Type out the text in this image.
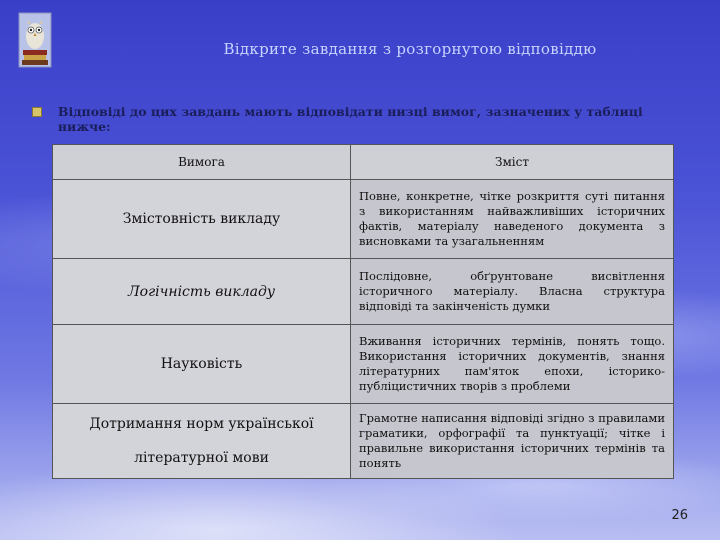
Відкрите завдання з розгорнутою відповіддю
Відповіді до цих завдань мають відповідати низці вимог, зазначених у таблиці нижче:
Вимога	Зміст
Змістовність викладу	Повне, конкретне, чітке розкриття суті питання з використанням найважливіших історичних фактів, матеріалу наведеного документа з висновками та узагальненням
Логічність викладу	Послідовне, обґрунтоване висвітлення історичного матеріалу. Власна структура відповіді та закінченість думки
Науковість	Вживання історичних термінів, понять тощо. Використання історичних документів, знання літературних пам'яток епохи, історико-публіцистичних творів з проблеми

Дотримання норм української
літературної мови	Грамотне написання відповіді згідно з правилами граматики, орфографії та пунктуації; чітке і правильне використання історичних термінів та понять
26
